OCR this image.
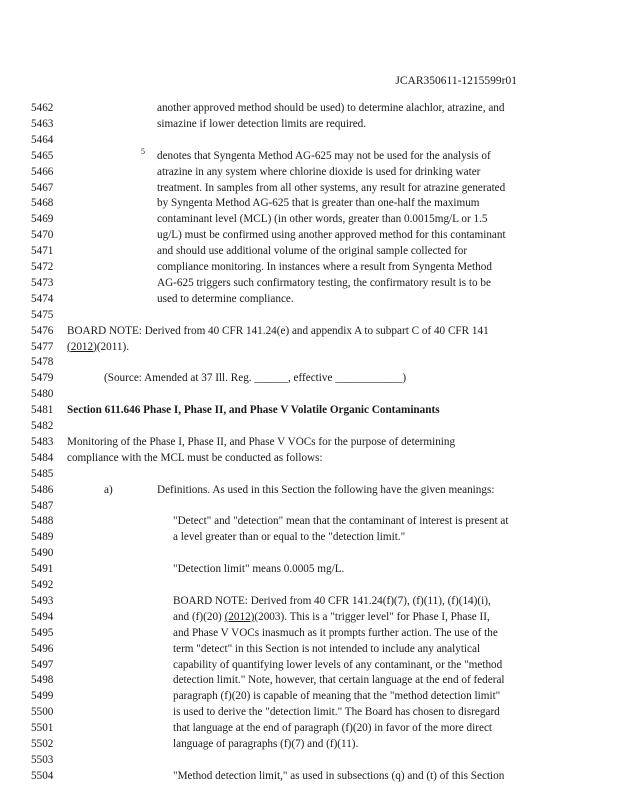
JCAR350611-1215599r01
5462	another approved method should be used) to determine alachlor, atrazine, and
5463	simazine if lower detection limits are required.
5464
5465	5 denotes that Syngenta Method AG-625 may not be used for the analysis of
5466	atrazine in any system where chlorine dioxide is used for drinking water
5467	treatment. In samples from all other systems, any result for atrazine generated
5468	by Syngenta Method AG-625 that is greater than one-half the maximum
5469	contaminant level (MCL) (in other words, greater than 0.0015mg/L or 1.5
5470	ug/L) must be confirmed using another approved method for this contaminant
5471	and should use additional volume of the original sample collected for
5472	compliance monitoring. In instances where a result from Syngenta Method
5473	AG-625 triggers such confirmatory testing, the confirmatory result is to be
5474	used to determine compliance.
5475
5476	BOARD NOTE: Derived from 40 CFR 141.24(e) and appendix A to subpart C of 40 CFR 141
5477	(2012)(2011).
5478
5479	(Source: Amended at 37 Ill. Reg. ______, effective ____________)
5480
5481	Section 611.646 Phase I, Phase II, and Phase V Volatile Organic Contaminants
5482
5483	Monitoring of the Phase I, Phase II, and Phase V VOCs for the purpose of determining
5484	compliance with the MCL must be conducted as follows:
5485
5486	a)	Definitions. As used in this Section the following have the given meanings:
5487
5488	"Detect" and "detection" mean that the contaminant of interest is present at
5489	a level greater than or equal to the "detection limit."
5490
5491	"Detection limit" means 0.0005 mg/L.
5492
5493	BOARD NOTE: Derived from 40 CFR 141.24(f)(7), (f)(11), (f)(14)(i),
5494	and (f)(20) (2012)(2003). This is a "trigger level" for Phase I, Phase II,
5495	and Phase V VOCs inasmuch as it prompts further action. The use of the
5496	term "detect" in this Section is not intended to include any analytical
5497	capability of quantifying lower levels of any contaminant, or the "method
5498	detection limit." Note, however, that certain language at the end of federal
5499	paragraph (f)(20) is capable of meaning that the "method detection limit"
5500	is used to derive the "detection limit." The Board has chosen to disregard
5501	that language at the end of paragraph (f)(20) in favor of the more direct
5502	language of paragraphs (f)(7) and (f)(11).
5503
5504	"Method detection limit," as used in subsections (q) and (t) of this Section
